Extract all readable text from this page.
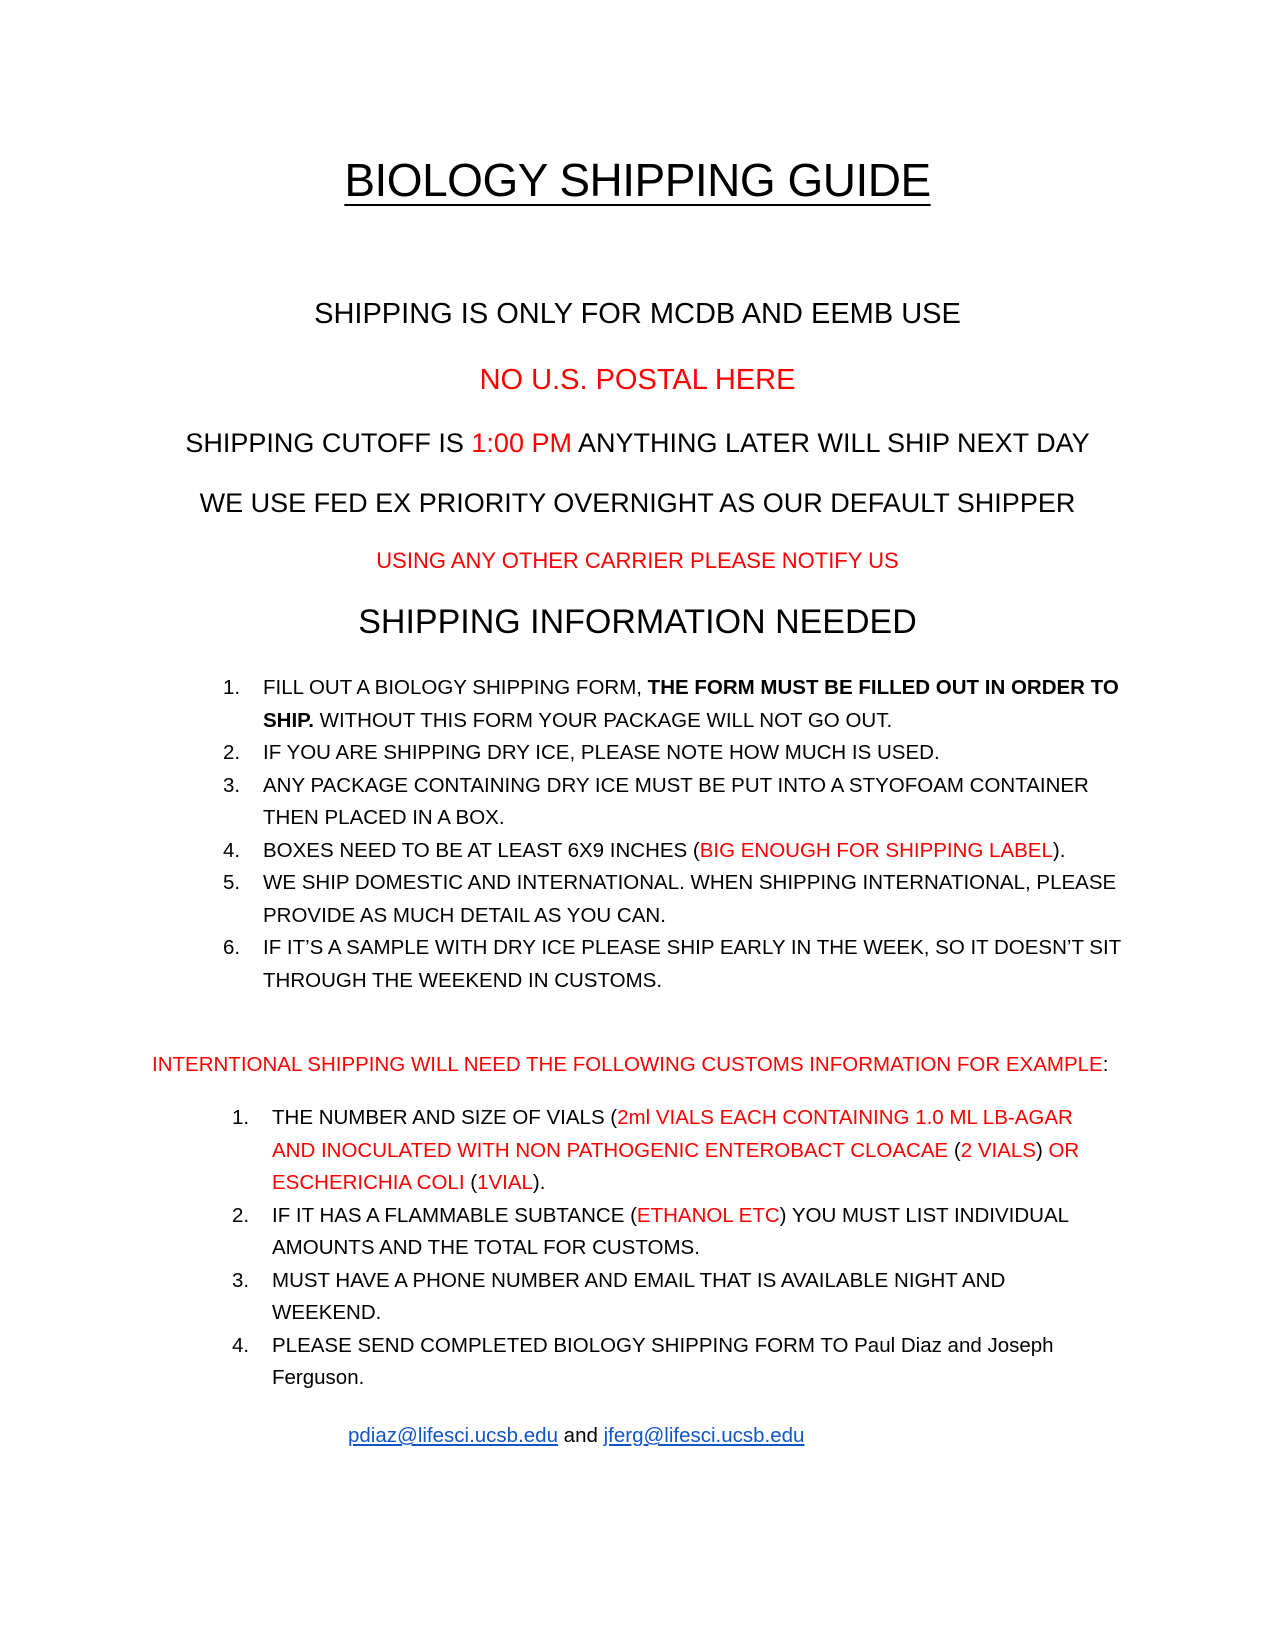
BIOLOGY SHIPPING GUIDE
SHIPPING IS ONLY FOR MCDB AND EEMB USE
NO U.S. POSTAL HERE
SHIPPING CUTOFF IS 1:00 PM ANYTHING LATER WILL SHIP NEXT DAY
WE USE FED EX PRIORITY OVERNIGHT AS OUR DEFAULT SHIPPER
USING ANY OTHER CARRIER PLEASE NOTIFY US
SHIPPING INFORMATION NEEDED
1. FILL OUT A BIOLOGY SHIPPING FORM, THE FORM MUST BE FILLED OUT IN ORDER TO SHIP. WITHOUT THIS FORM YOUR PACKAGE WILL NOT GO OUT.
2. IF YOU ARE SHIPPING DRY ICE, PLEASE NOTE HOW MUCH IS USED.
3. ANY PACKAGE CONTAINING DRY ICE MUST BE PUT INTO A STYOFOAM CONTAINER THEN PLACED IN A BOX.
4. BOXES NEED TO BE AT LEAST 6X9 INCHES (BIG ENOUGH FOR SHIPPING LABEL).
5. WE SHIP DOMESTIC AND INTERNATIONAL. WHEN SHIPPING INTERNATIONAL, PLEASE PROVIDE AS MUCH DETAIL AS YOU CAN.
6. IF IT’S A SAMPLE WITH DRY ICE PLEASE SHIP EARLY IN THE WEEK, SO IT DOESN’T SIT THROUGH THE WEEKEND IN CUSTOMS.
INTERNTIONAL SHIPPING WILL NEED THE FOLLOWING CUSTOMS INFORMATION FOR EXAMPLE:
1. THE NUMBER AND SIZE OF VIALS (2ml VIALS EACH CONTAINING 1.0 ML LB-AGAR AND INOCULATED WITH NON PATHOGENIC ENTEROBACT CLOACAE (2 VIALS) OR ESCHERICHIA COLI (1VIAL).
2. IF IT HAS A FLAMMABLE SUBTANCE (ETHANOL ETC) YOU MUST LIST INDIVIDUAL AMOUNTS AND THE TOTAL FOR CUSTOMS.
3. MUST HAVE A PHONE NUMBER AND EMAIL THAT IS AVAILABLE NIGHT AND WEEKEND.
4. PLEASE SEND COMPLETED BIOLOGY SHIPPING FORM TO Paul Diaz and Joseph Ferguson.
pdiaz@lifesci.ucsb.edu and jferg@lifesci.ucsb.edu
